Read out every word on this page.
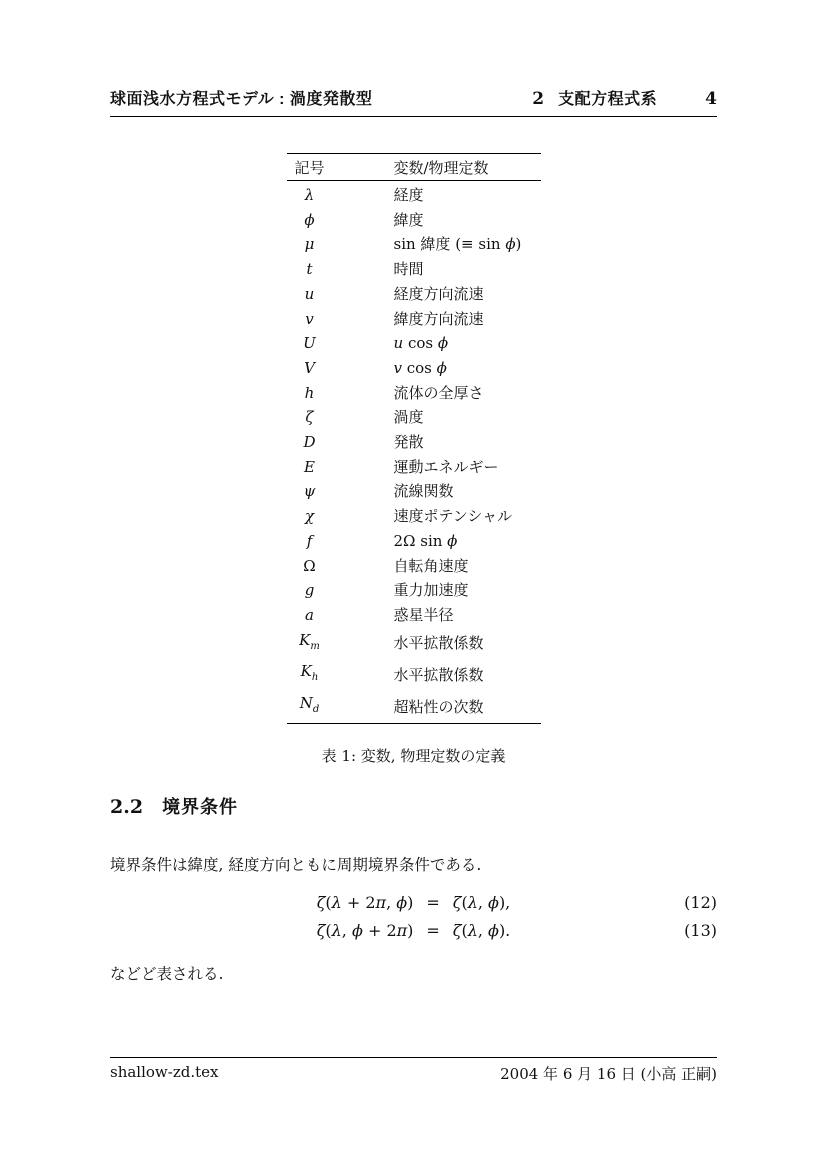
球面浅水方程式モデル : 渦度発散型	2 支配方程式系	4
記号	変数/物理定数
λ	経度
ϕ	緯度
μ	sin 緯度 (≡ sin ϕ)
t	時間
u	経度方向流速
v	緯度方向流速
U	u cos ϕ
V	v cos ϕ
h	流体の全厚さ
ζ	渦度
D	発散
E	運動エネルギー
ψ	流線関数
χ	速度ポテンシャル
f	2Ω sin ϕ
Ω	自転角速度
g	重力加速度
a	惑星半径
$K_m$	水平拡散係数
$K_h$	水平拡散係数
$N_d$	超粘性の次数
表 1: 変数, 物理定数の定義
2.2 境界条件

境界条件は緯度, 経度方向ともに周期境界条件である.

ζ(λ + 2π, ϕ) = ζ(λ, ϕ),	(12)
ζ(λ, ϕ + 2π) = ζ(λ, ϕ).	(13)

などど表される.

shallow-zd.tex	2004 年 6 月 16 日 (小高 正嗣)
